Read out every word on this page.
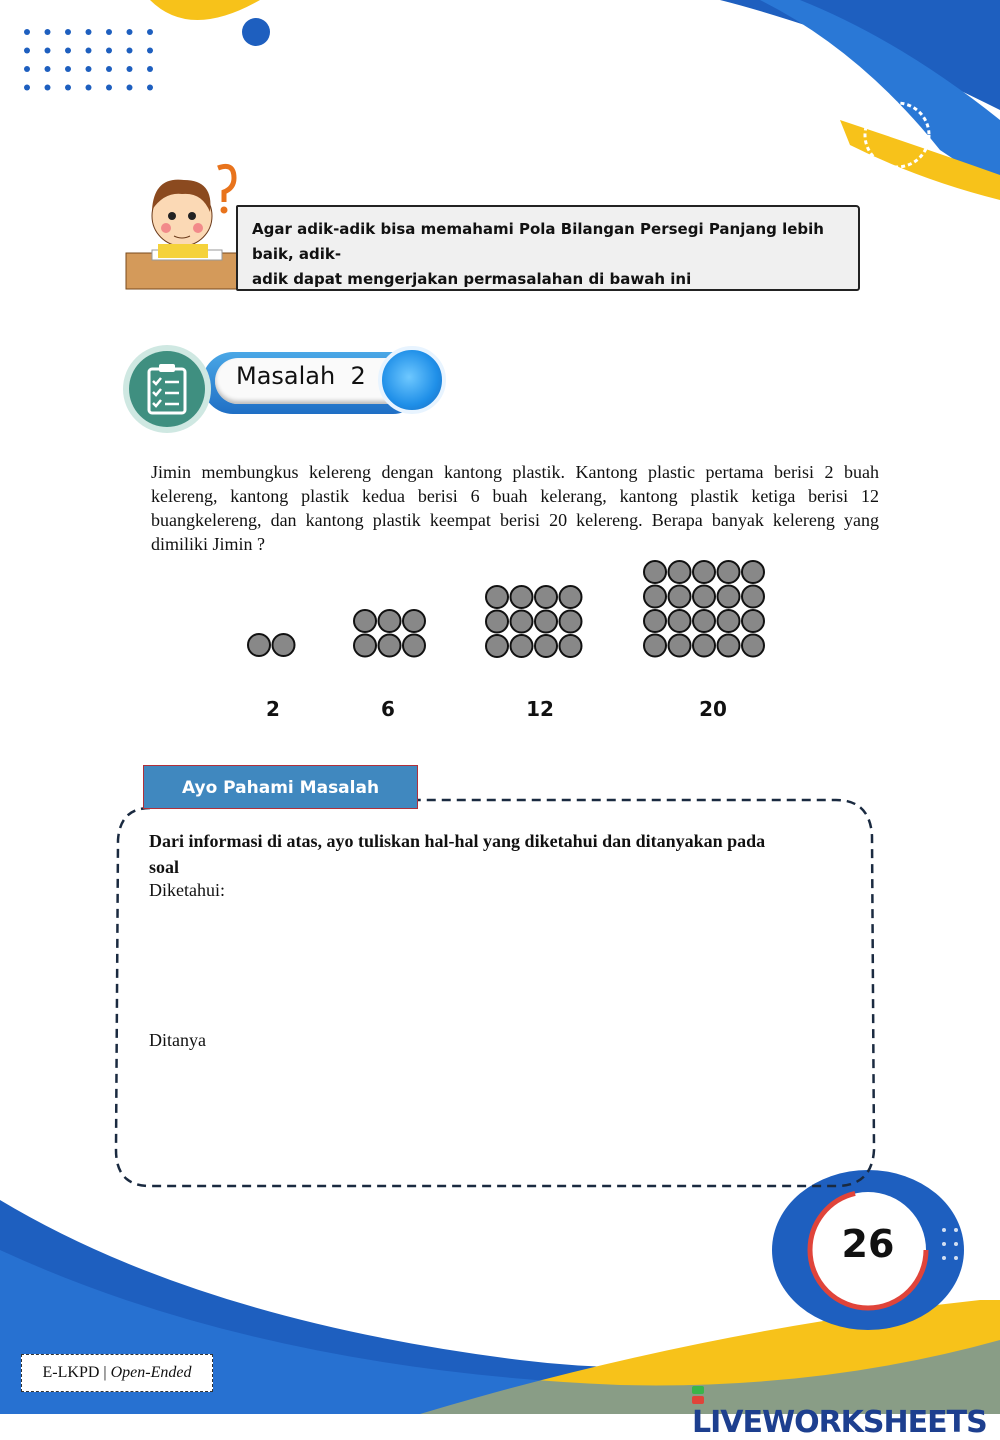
Agar adik-adik bisa memahami Pola Bilangan Persegi Panjang lebih baik, adik-
adik dapat mengerjakan permasalahan di bawah ini
Masalah  2
Jimin membungkus kelereng dengan kantong plastik. Kantong plastic pertama berisi 2 buah kelereng, kantong plastik kedua berisi 6 buah kelerang, kantong plastik ketiga berisi 12 buangkelereng, dan kantong plastik keempat berisi 20 kelereng. Berapa banyak kelereng yang dimiliki Jimin ?
2	6	12	20
Ayo Pahami Masalah
Dari informasi di atas, ayo tuliskan hal-hal yang diketahui dan ditanyakan pada
soal
Diketahui:
Ditanya
26
E-LKPD | Open-Ended
LIVEWORKSHEETS
